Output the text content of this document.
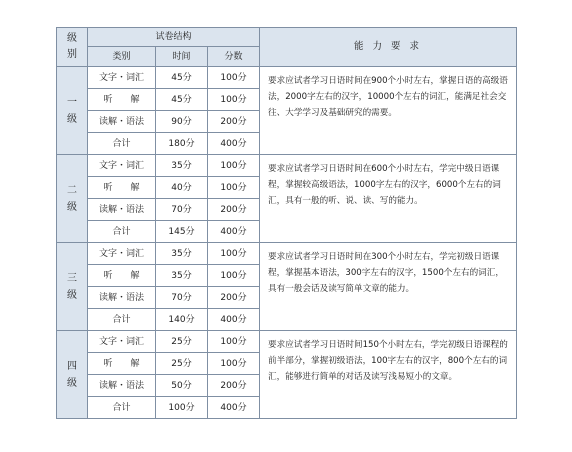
级别	试卷结构			能 力 要 求
	类别	时间	分数	
一级	文字・词汇	45分	100分	要求应试者学习日语时间在900个小时左右，掌握日语的高级语法，2000字左右的汉字，10000个左右的词汇，能满足社会交往、大学学习及基础研究的需要。
	听　　解	45分	100分	
	读解・语法	90分	200分	
	合计	180分	400分	
二级	文字・词汇	35分	100分	要求应试者学习日语时间在600个小时左右，学完中级日语课程，掌握较高级语法，1000字左右的汉字，6000个左右的词汇，具有一般的听、说、读、写的能力。
	听　　解	40分	100分	
	读解・语法	70分	200分	
	合计	145分	400分	
三级	文字・词汇	35分	100分	要求应试者学习日语时间在300个小时左右，学完初级日语课程，掌握基本语法，300字左右的汉字，1500个左右的词汇，具有一般会话及读写简单文章的能力。
	听　　解	35分	100分	
	读解・语法	70分	200分	
	合计	140分	400分	
四级	文字・词汇	25分	100分	要求应试者学习日语时间150个小时左右，学完初级日语课程的前半部分，掌握初级语法，100字左右的汉字，800个左右的词汇，能够进行简单的对话及读写浅易短小的文章。
	听　　解	25分	100分	
	读解・语法	50分	200分	
	合计	100分	400分	
